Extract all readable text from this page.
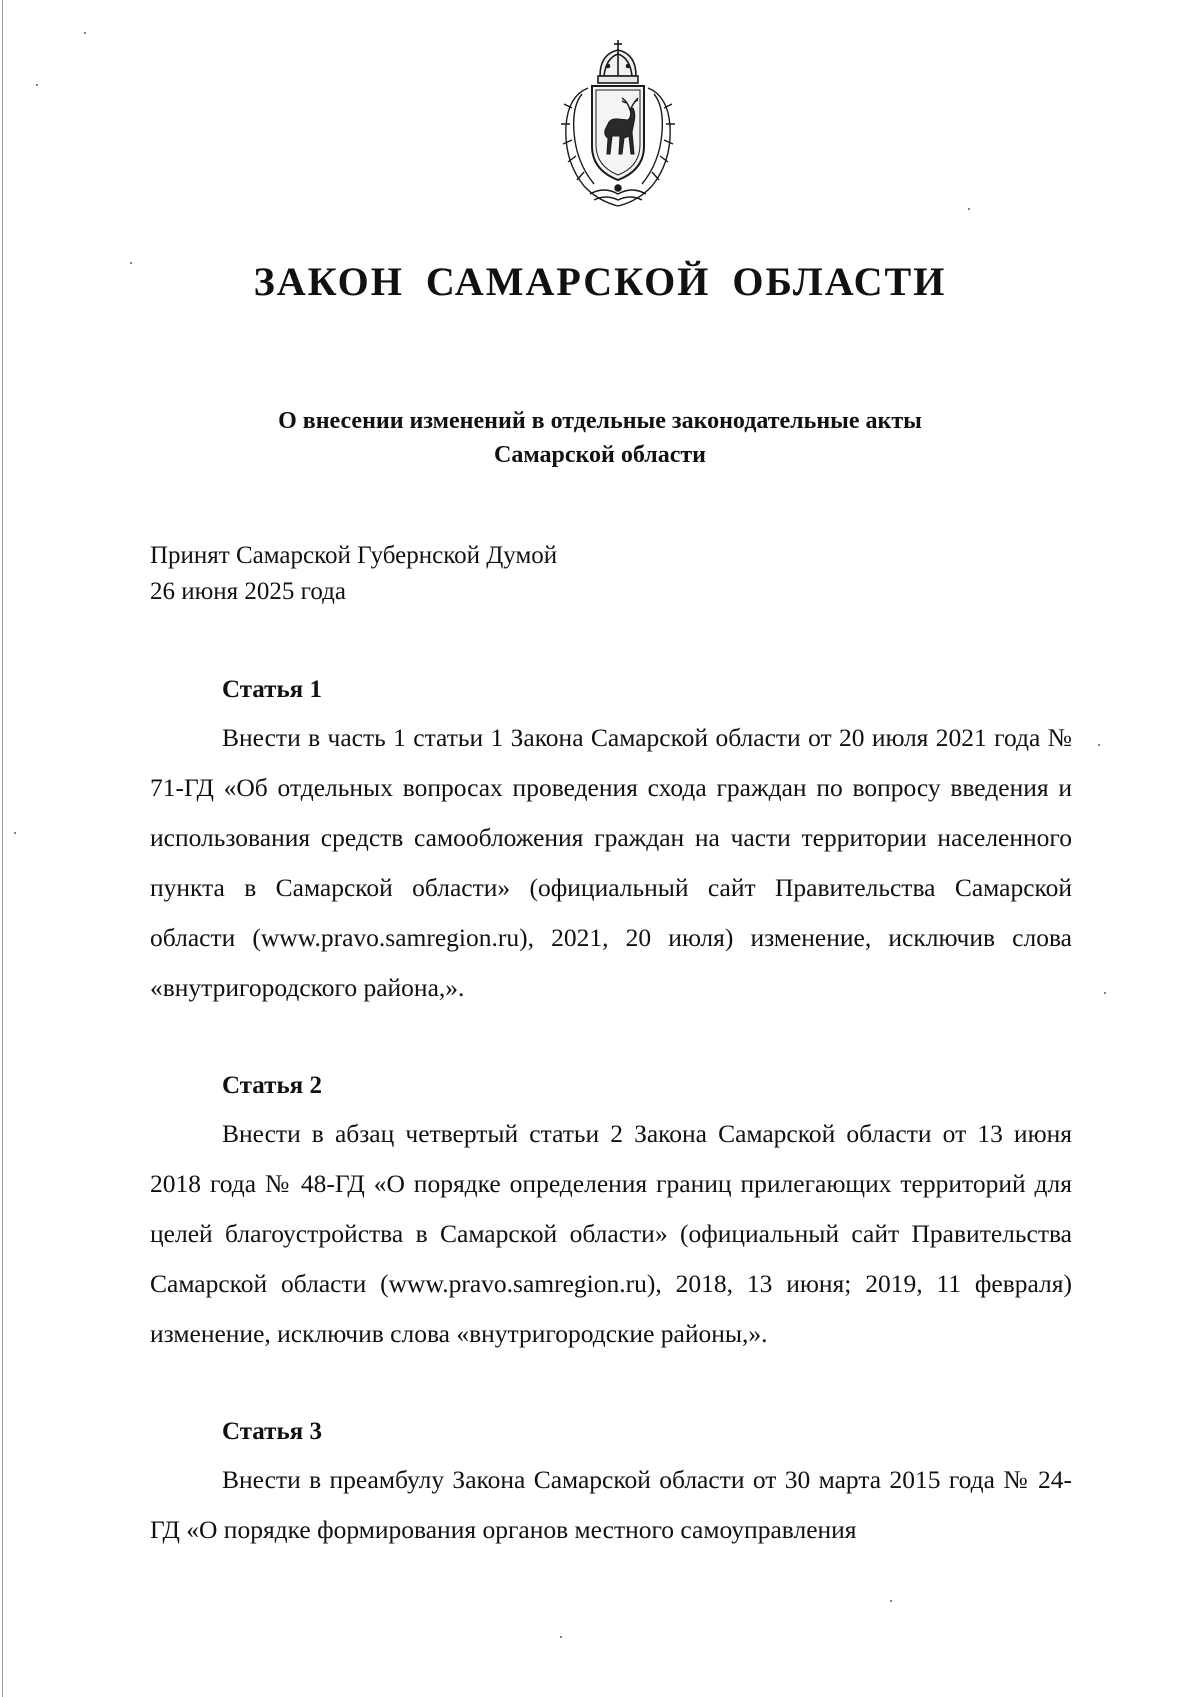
ЗАКОН САМАРСКОЙ ОБЛАСТИ
О внесении изменений в отдельные законодательные акты
Самарской области
Принят Самарской Губернской Думой
26 июня 2025 года
Статья 1

Внести в часть 1 статьи 1 Закона Самарской области от 20 июля 2021 года № 71-ГД «Об отдельных вопросах проведения схода граждан по вопросу введения и использования средств самообложения граждан на части территории населенного пункта в Самарской области» (официальный сайт Правительства Самарской области (www.pravo.samregion.ru), 2021, 20 июля) изменение, исключив слова «внутригородского района,».

Статья 2

Внести в абзац четвертый статьи 2 Закона Самарской области от 13 июня 2018 года № 48-ГД «О порядке определения границ прилегающих территорий для целей благоустройства в Самарской области» (официальный сайт Правительства Самарской области (www.pravo.samregion.ru), 2018, 13 июня; 2019, 11 февраля) изменение, исключив слова «внутригородские районы,».

Статья 3

Внести в преамбулу Закона Самарской области от 30 марта 2015 года № 24-ГД «О порядке формирования органов местного самоуправления
